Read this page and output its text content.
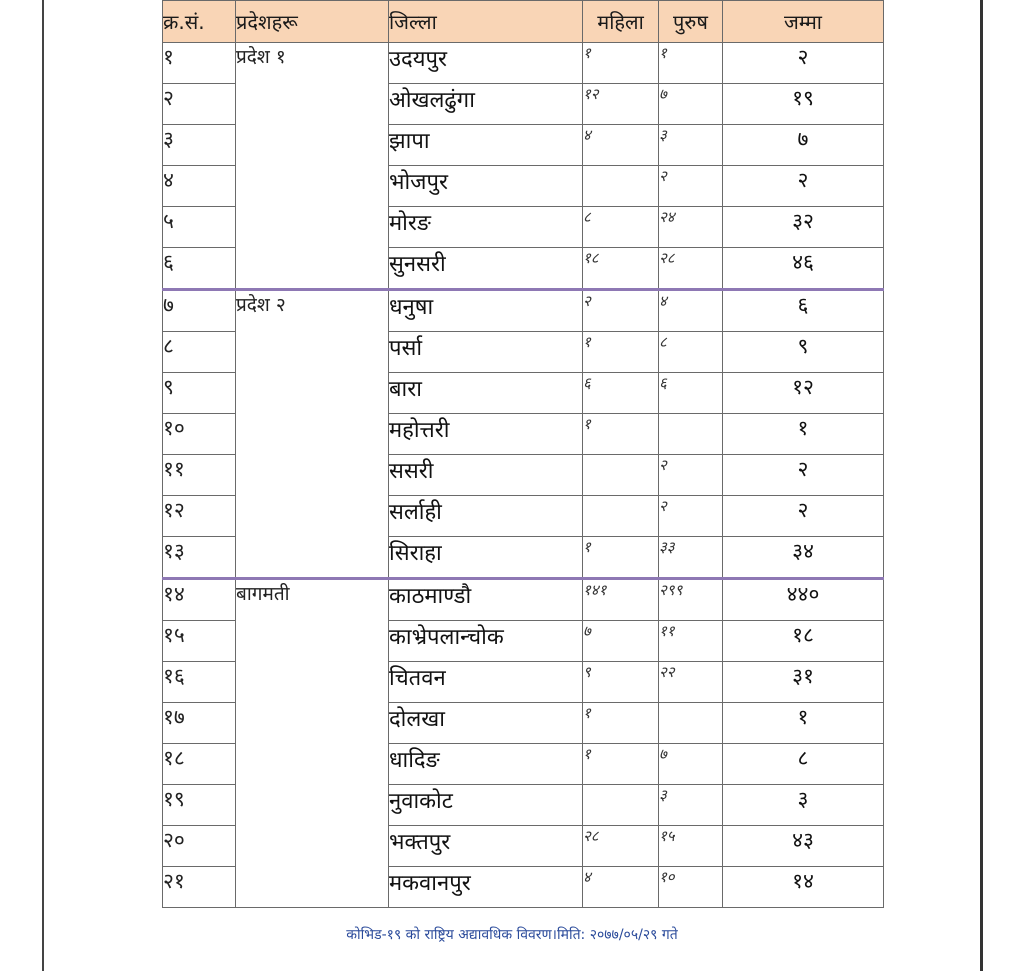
क्र.सं.	प्रदेशहरू	जिल्ला	महिला	पुरुष	जम्मा
१	प्रदेश १	उदयपुर	१	१	२
२		ओखलढुंगा	१२	७	१९
३		झापा	४	३	७
४		भोजपुर		२	२
५		मोरङ	८	२४	३२
६		सुनसरी	१८	२८	४६
७	प्रदेश २	धनुषा	२	४	६
८		पर्सा	१	८	९
९		बारा	६	६	१२
१०		महोत्तरी	१		१
११		ससरी		२	२
१२		सर्लाही		२	२
१३		सिराहा	१	३३	३४
१४	बागमती	काठमाण्डौ	१४१	२९९	४४०
१५		काभ्रेपलान्चोक	७	११	१८
१६		चितवन	९	२२	३१
१७		दोलखा	१		१
१८		धादिङ	१	७	८
१९		नुवाकोट		३	३
२०		भक्तपुर	२८	१५	४३
२१		मकवानपुर	४	१०	१४
कोभिड-१९ को राष्ट्रिय अद्यावधिक विवरण।मिति: २०७७/०५/२९ गते
